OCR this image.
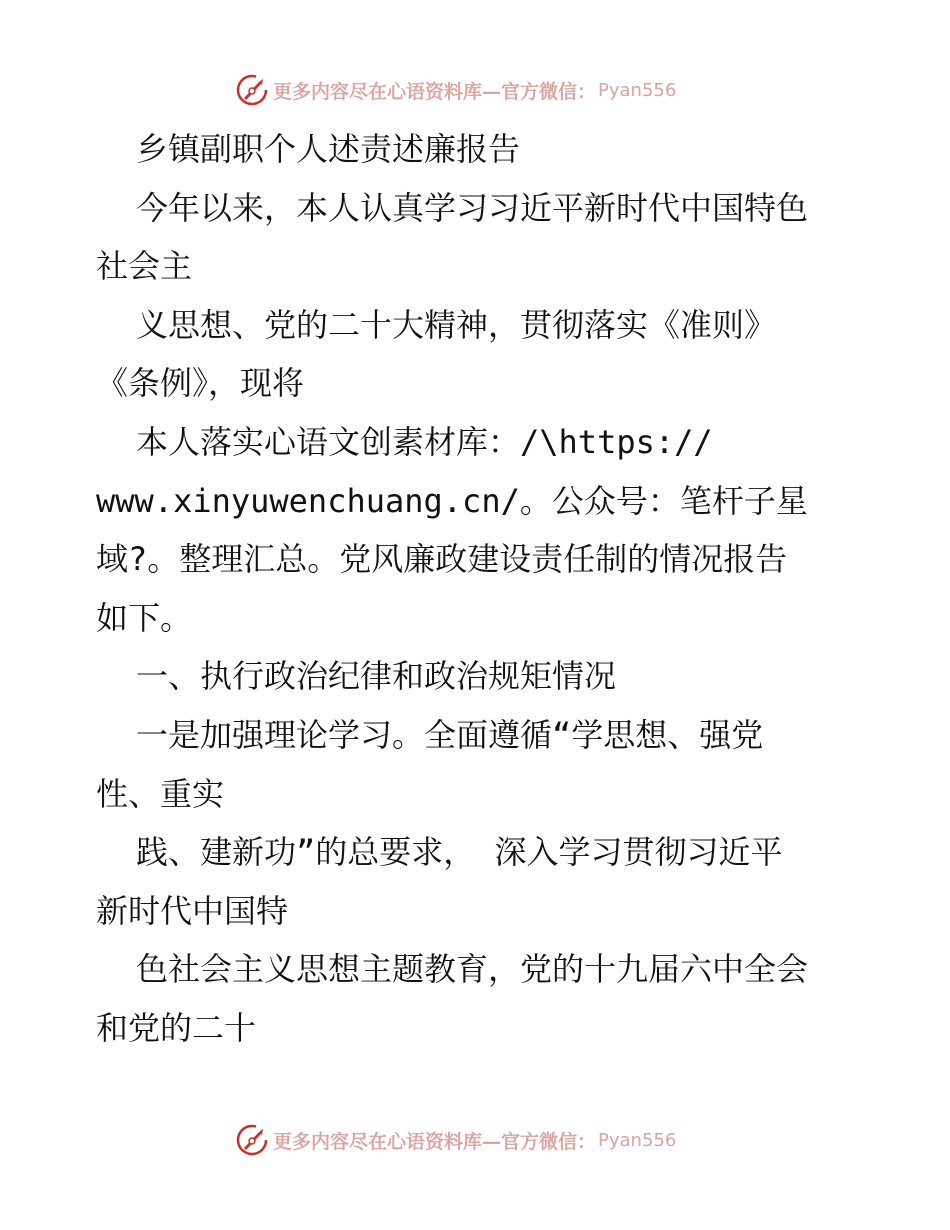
更多内容尽在心语资料库—官方微信： Pyan556
乡镇副职个人述责述廉报告
今年以来，本人认真学习习近平新时代中国特色
社会主
义思想、党的二十大精神，贯彻落实《准则》
《条例》，现将
本人落实心语文创素材库：/\https://
www.xinyuwenchuang.cn/。公众号：笔杆子星
域?。整理汇总。党风廉政建设责任制的情况报告
如下。
一、执行政治纪律和政治规矩情况
一是加强理论学习。全面遵循“学思想、强党
性、重实
践、建新功”的总要求， 深入学习贯彻习近平
新时代中国特
色社会主义思想主题教育，党的十九届六中全会
和党的二十
更多内容尽在心语资料库—官方微信： Pyan556
